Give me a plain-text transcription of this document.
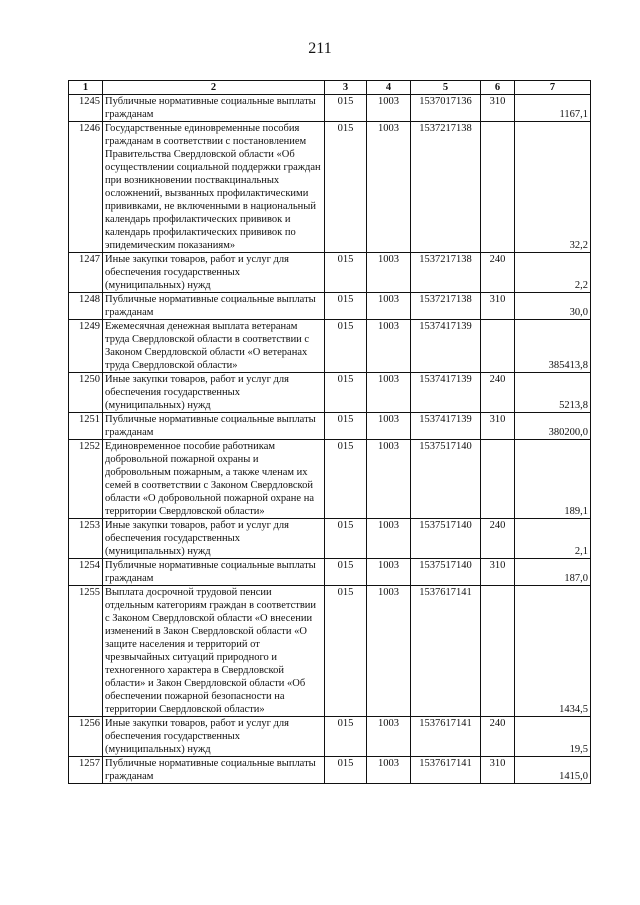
211
1	2	3	4	5	6	7
1245	Публичные нормативные социальные выплаты гражданам	015	1003	1537017136	310	1167,1
1246	Государственные единовременные пособия гражданам в соответствии с постановлением Правительства Свердловской области «Об осуществлении социальной поддержки граждан при возникновении поствакцинальных осложнений, вызванных профилактическими прививками, не включенными в национальный календарь профилактических прививок и календарь профилактических прививок по эпидемическим показаниям»	015	1003	1537217138		32,2
1247	Иные закупки товаров, работ и услуг для обеспечения государственных (муниципальных) нужд	015	1003	1537217138	240	2,2
1248	Публичные нормативные социальные выплаты гражданам	015	1003	1537217138	310	30,0
1249	Ежемесячная денежная выплата ветеранам труда Свердловской области в соответствии с Законом Свердловской области «О ветеранах труда Свердловской области»	015	1003	1537417139		385413,8
1250	Иные закупки товаров, работ и услуг для обеспечения государственных (муниципальных) нужд	015	1003	1537417139	240	5213,8
1251	Публичные нормативные социальные выплаты гражданам	015	1003	1537417139	310	380200,0
1252	Единовременное пособие работникам добровольной пожарной охраны и добровольным пожарным, а также членам их семей в соответствии с Законом Свердловской области «О добровольной пожарной охране на территории Свердловской области»	015	1003	1537517140		189,1
1253	Иные закупки товаров, работ и услуг для обеспечения государственных (муниципальных) нужд	015	1003	1537517140	240	2,1
1254	Публичные нормативные социальные выплаты гражданам	015	1003	1537517140	310	187,0
1255	Выплата досрочной трудовой пенсии отдельным категориям граждан в соответствии с Законом Свердловской области «О внесении изменений в Закон Свердловской области «О защите населения и территорий от чрезвычайных ситуаций природного и техногенного характера в Свердловской области» и Закон Свердловской области «Об обеспечении пожарной безопасности на территории Свердловской области»	015	1003	1537617141		1434,5
1256	Иные закупки товаров, работ и услуг для обеспечения государственных (муниципальных) нужд	015	1003	1537617141	240	19,5
1257	Публичные нормативные социальные выплаты гражданам	015	1003	1537617141	310	1415,0
